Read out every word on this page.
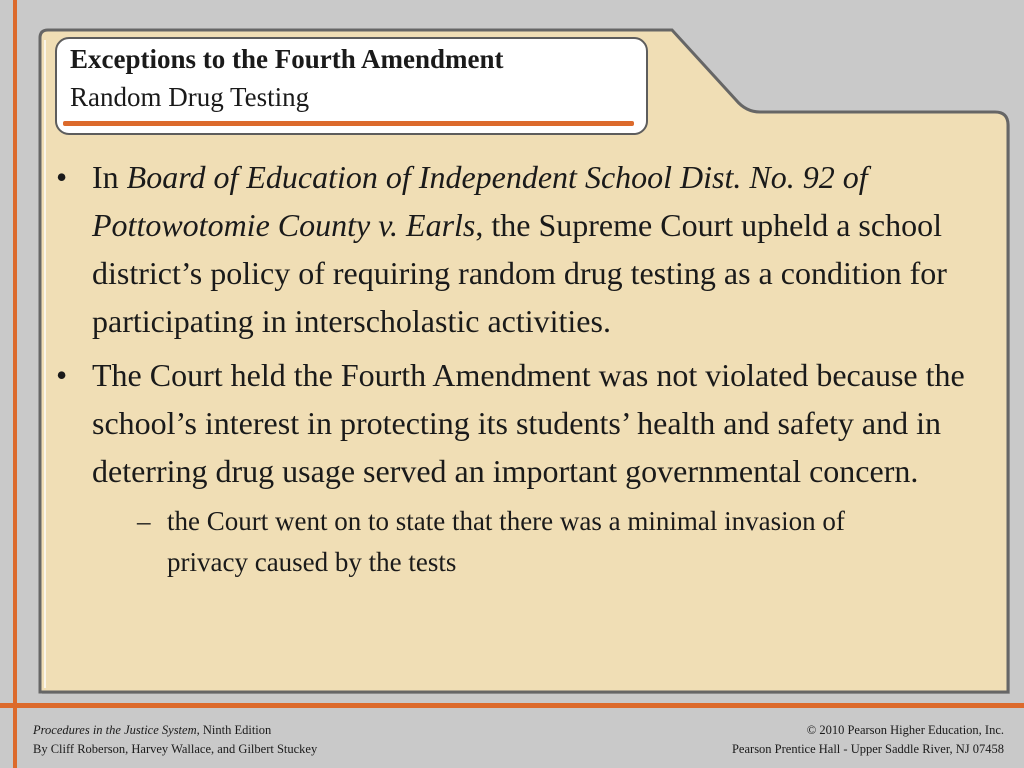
Exceptions to the Fourth Amendment
Random Drug Testing
• In Board of Education of Independent School Dist. No. 92 of Pottowotomie County v. Earls, the Supreme Court upheld a school district’s policy of requiring random drug testing as a condition for participating in interscholastic activities.
• The Court held the Fourth Amendment was not violated because the school’s interest in protecting its students’ health and safety and in deterring drug usage served an important governmental concern.
– the Court went on to state that there was a minimal invasion of privacy caused by the tests
Procedures in the Justice System, Ninth Edition
By Cliff Roberson, Harvey Wallace, and Gilbert Stuckey
© 2010 Pearson Higher Education, Inc.
Pearson Prentice Hall - Upper Saddle River, NJ 07458
